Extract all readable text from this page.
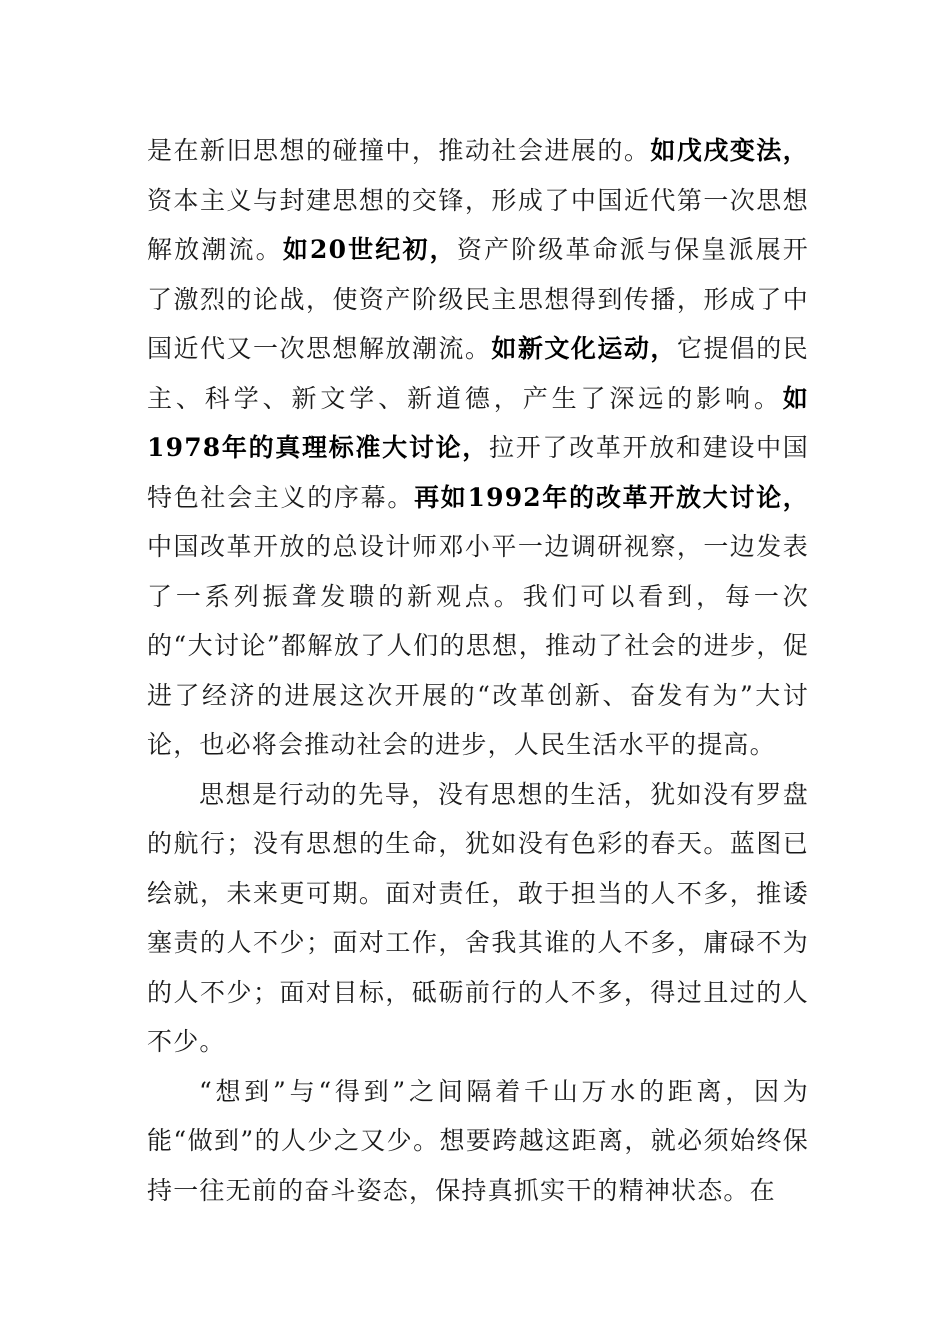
是在新旧思想的碰撞中，推动社会进展的。如戊戌变法，资本主义与封建思想的交锋，形成了中国近代第一次思想解放潮流。如20世纪初，资产阶级革命派与保皇派展开了激烈的论战，使资产阶级民主思想得到传播，形成了中国近代又一次思想解放潮流。如新文化运动，它提倡的民主、科学、新文学、新道德，产生了深远的影响。如1978年的真理标准大讨论，拉开了改革开放和建设中国特色社会主义的序幕。再如1992年的改革开放大讨论，中国改革开放的总设计师邓小平一边调研视察，一边发表了一系列振聋发聩的新观点。我们可以看到，每一次的“大讨论”都解放了人们的思想，推动了社会的进步，促进了经济的进展这次开展的“改革创新、奋发有为”大讨论，也必将会推动社会的进步，人民生活水平的提高。

思想是行动的先导，没有思想的生活，犹如没有罗盘的航行；没有思想的生命，犹如没有色彩的春天。蓝图已绘就，未来更可期。面对责任，敢于担当的人不多，推诿塞责的人不少；面对工作，舍我其谁的人不多，庸碌不为的人不少；面对目标，砥砺前行的人不多，得过且过的人不少。

“想到”与“得到”之间隔着千山万水的距离，因为能“做到”的人少之又少。想要跨越这距离，就必须始终保持一往无前的奋斗姿态，保持真抓实干的精神状态。在
